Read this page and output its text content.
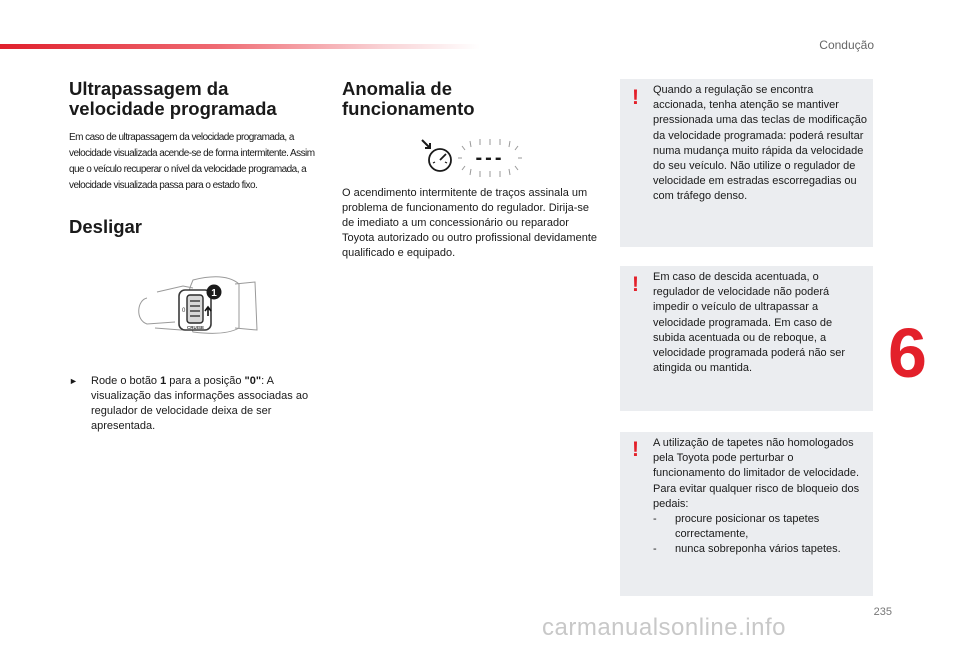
Condução
6
235
carmanualsonline.info
Ultrapassagem da velocidade programada
Em caso de ultrapassagem da velocidade programada, a velocidade visualizada acende-se de forma intermitente. Assim que o veículo recuperar o nível da velocidade programada, a velocidade visualizada passa para o estado fixo.
Desligar
1
0
CRUISE
► Rode o botão 1 para a posição "0": A visualização das informações associadas ao regulador de velocidade deixa de ser apresentada.
Anomalia de funcionamento
---
O acendimento intermitente de traços assinala um problema de funcionamento do regulador. Dirija-se de imediato a um concessionário ou reparador Toyota autorizado ou outro profissional devidamente qualificado e equipado.
! Quando a regulação se encontra accionada, tenha atenção se mantiver pressionada uma das teclas de modificação da velocidade programada: poderá resultar numa mudança muito rápida da velocidade do seu veículo. Não utilize o regulador de velocidade em estradas escorregadias ou com tráfego denso.
! Em caso de descida acentuada, o regulador de velocidade não poderá impedir o veículo de ultrapassar a velocidade programada. Em caso de subida acentuada ou de reboque, a velocidade programada poderá não ser atingida ou mantida.
! A utilização de tapetes não homologados pela Toyota pode perturbar o funcionamento do limitador de velocidade. Para evitar qualquer risco de bloqueio dos pedais:

-	procure posicionar os tapetes correctamente,
-	nunca sobreponha vários tapetes.
